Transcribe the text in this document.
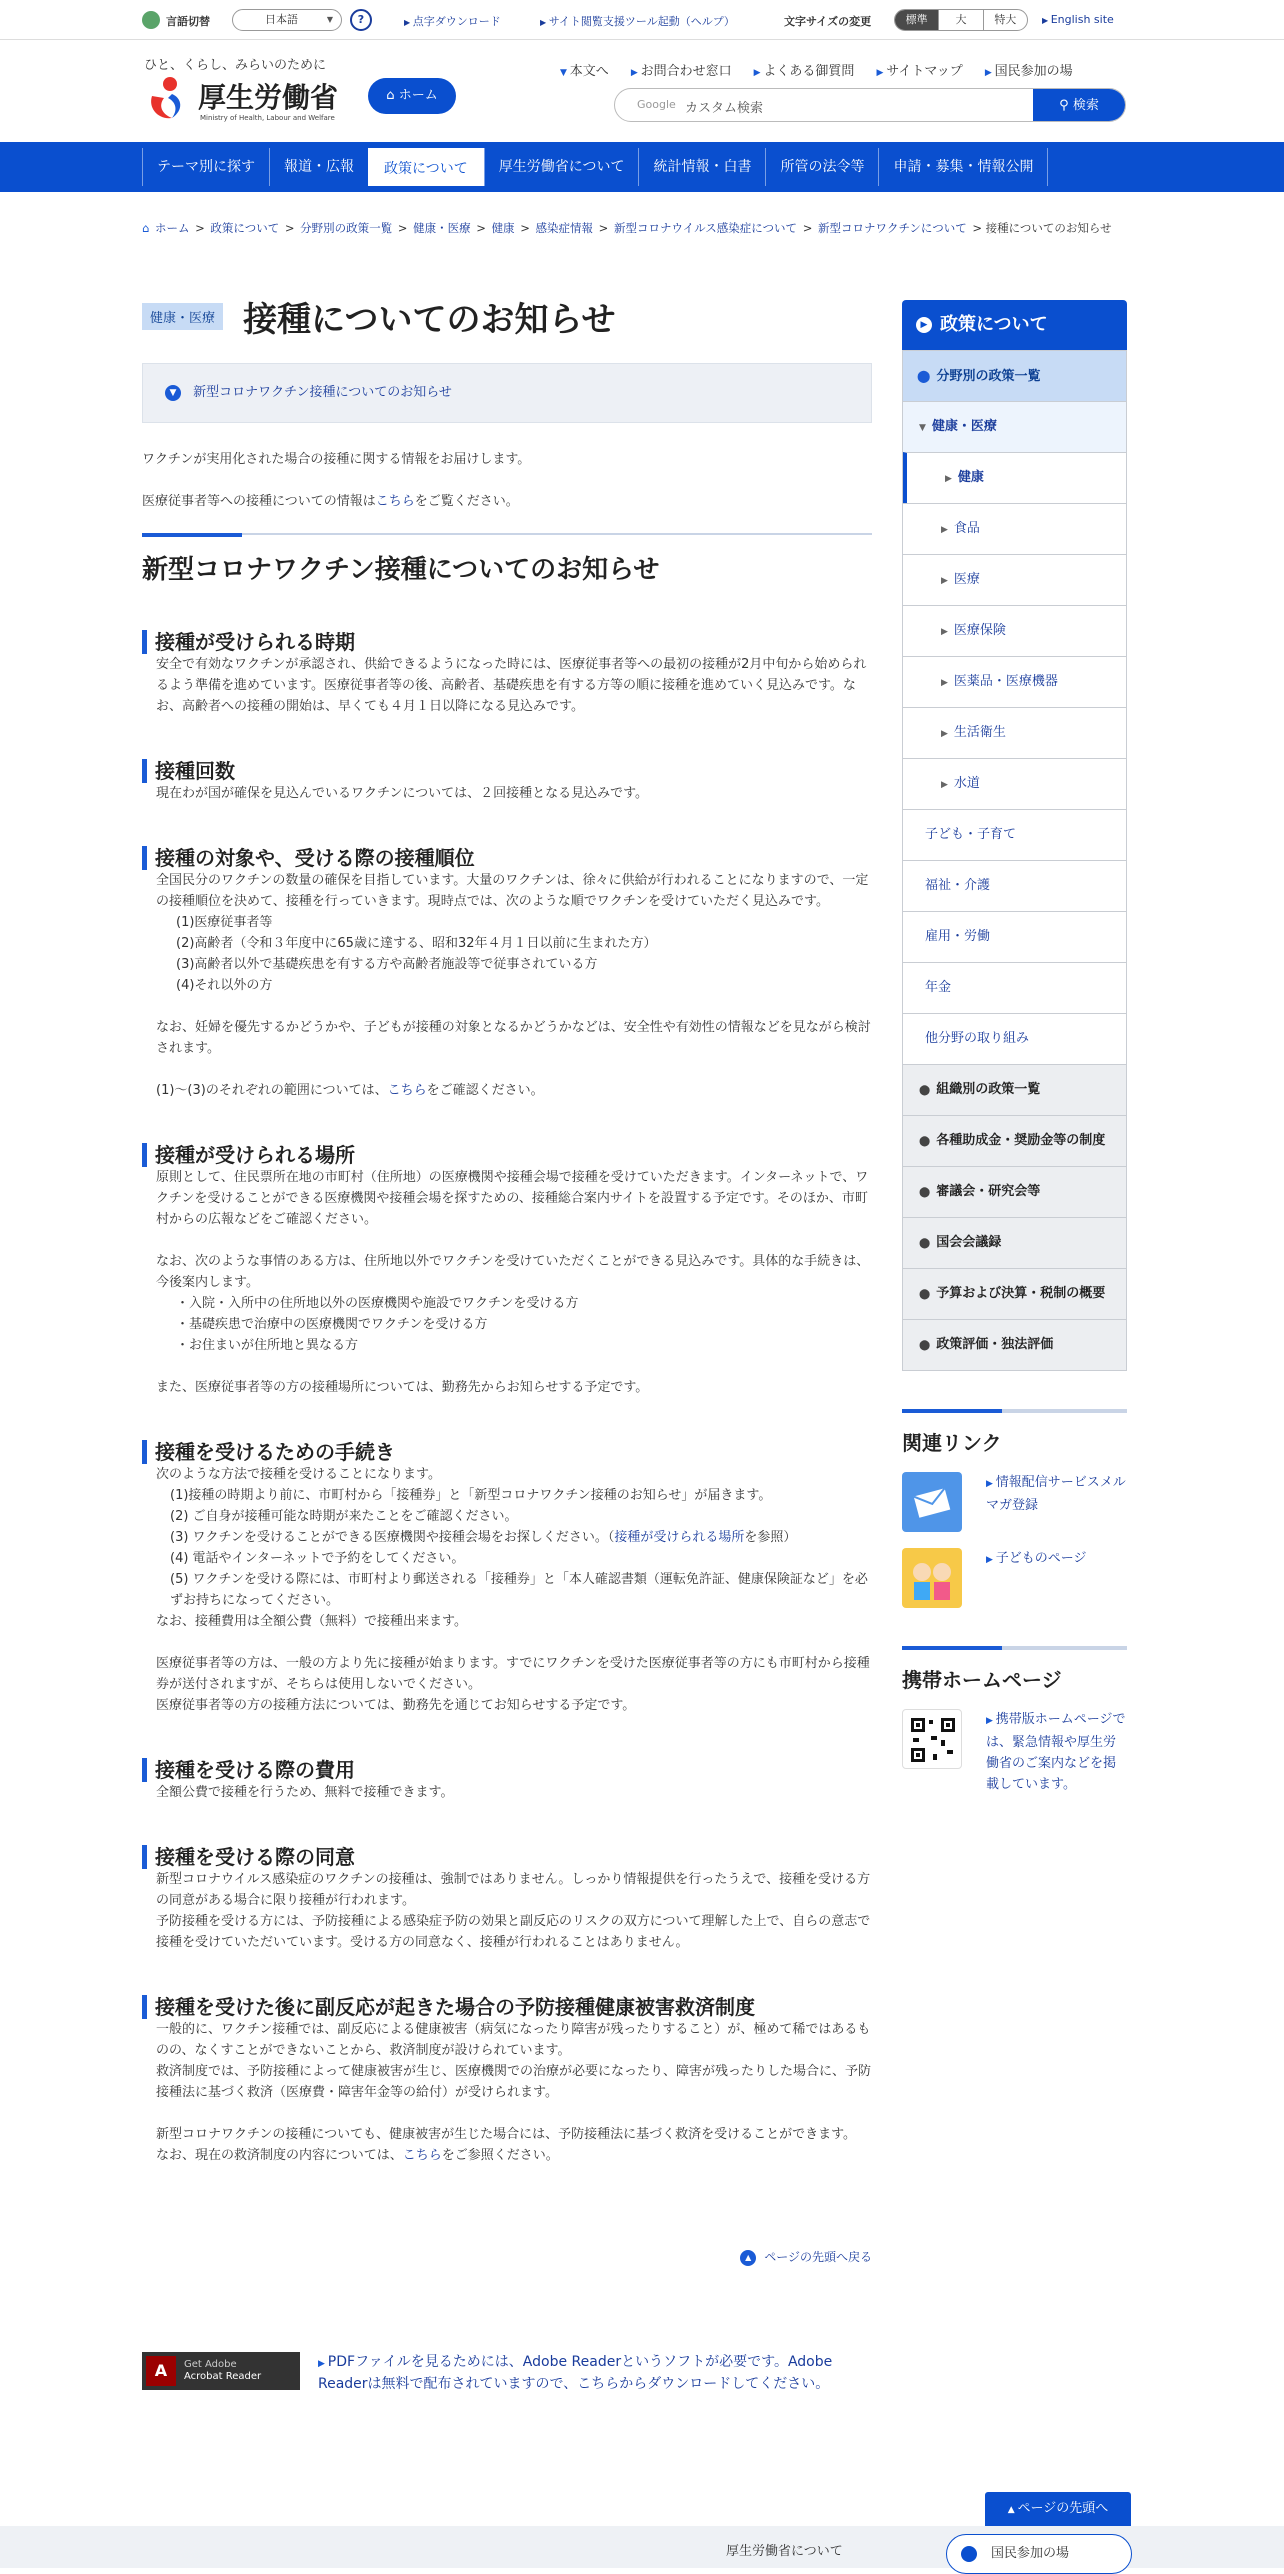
言語切替	日本語	▼	?	▶ 点字ダウンロード	▶ サイト閲覧支援ツール起動（ヘルプ）	文字サイズの変更	標準	大	特大	▶ English site
ひと、くらし、みらいのために
厚生労働省
Ministry of Health, Labour and Welfare
⌂ ホーム
▼ 本文へ ▶ お問合わせ窓口 ▶ よくある御質問 ▶ サイトマップ ▶ 国民参加の場
Google カスタム検索	⚲ 検索
テーマ別に探す	報道・広報	政策について	厚生労働省について	統計情報・白書	所管の法令等	申請・募集・情報公開
⌂ ホーム > 政策について > 分野別の政策一覧 > 健康・医療 > 健康 > 感染症情報 > 新型コロナウイルス感染症について > 新型コロナワクチンについて > 接種についてのお知らせ
健康・医療 接種についてのお知らせ
▼ 新型コロナワクチン接種についてのお知らせ

ワクチンが実用化された場合の接種に関する情報をお届けします。

医療従事者等への接種についての情報はこちらをご覧ください。

新型コロナワクチン接種についてのお知らせ
接種が受けられる時期
安全で有効なワクチンが承認され、供給できるようになった時には、医療従事者等への最初の接種が2月中旬から始められるよう準備を進めています。医療従事者等の後、高齢者、基礎疾患を有する方等の順に接種を進めていく見込みです。なお、高齢者への接種の開始は、早くても４月１日以降になる見込みです。
接種回数
現在わが国が確保を見込んでいるワクチンについては、２回接種となる見込みです。
接種の対象や、受ける際の接種順位
全国民分のワクチンの数量の確保を目指しています。大量のワクチンは、徐々に供給が行われることになりますので、一定の接種順位を決めて、接種を行っていきます。現時点では、次のような順でワクチンを受けていただく見込みです。
(1)医療従事者等
(2)高齢者（令和３年度中に65歳に達する、昭和32年４月１日以前に生まれた方）
(3)高齢者以外で基礎疾患を有する方や高齢者施設等で従事されている方
(4)それ以外の方
なお、妊婦を優先するかどうかや、子どもが接種の対象となるかどうかなどは、安全性や有効性の情報などを見ながら検討されます。
(1)～(3)のそれぞれの範囲については、こちらをご確認ください。
接種が受けられる場所
原則として、住民票所在地の市町村（住所地）の医療機関や接種会場で接種を受けていただきます。インターネットで、ワクチンを受けることができる医療機関や接種会場を探すための、接種総合案内サイトを設置する予定です。そのほか、市町村からの広報などをご確認ください。
なお、次のような事情のある方は、住所地以外でワクチンを受けていただくことができる見込みです。具体的な手続きは、今後案内します。
・入院・入所中の住所地以外の医療機関や施設でワクチンを受ける方
・基礎疾患で治療中の医療機関でワクチンを受ける方
・お住まいが住所地と異なる方
また、医療従事者等の方の接種場所については、勤務先からお知らせする予定です。
接種を受けるための手続き
次のような方法で接種を受けることになります。
(1)接種の時期より前に、市町村から「接種券」と「新型コロナワクチン接種のお知らせ」が届きます。
(2) ご自身が接種可能な時期が来たことをご確認ください。
(3) ワクチンを受けることができる医療機関や接種会場をお探しください。（接種が受けられる場所を参照）
(4) 電話やインターネットで予約をしてください。
(5) ワクチンを受ける際には、市町村より郵送される「接種券」と「本人確認書類（運転免許証、健康保険証など」を必ずお持ちになってください。
なお、接種費用は全額公費（無料）で接種出来ます。
医療従事者等の方は、一般の方より先に接種が始まります。すでにワクチンを受けた医療従事者等の方にも市町村から接種券が送付されますが、そちらは使用しないでください。
医療従事者等の方の接種方法については、勤務先を通じてお知らせする予定です。
接種を受ける際の費用
全額公費で接種を行うため、無料で接種できます。
接種を受ける際の同意
新型コロナウイルス感染症のワクチンの接種は、強制ではありません。しっかり情報提供を行ったうえで、接種を受ける方の同意がある場合に限り接種が行われます。
予防接種を受ける方には、予防接種による感染症予防の効果と副反応のリスクの双方について理解した上で、自らの意志で接種を受けていただいています。受ける方の同意なく、接種が行われることはありません。
接種を受けた後に副反応が起きた場合の予防接種健康被害救済制度
一般的に、ワクチン接種では、副反応による健康被害（病気になったり障害が残ったりすること）が、極めて稀ではあるものの、なくすことができないことから、救済制度が設けられています。
救済制度では、予防接種によって健康被害が生じ、医療機関での治療が必要になったり、障害が残ったりした場合に、予防接種法に基づく救済（医療費・障害年金等の給付）が受けられます。
新型コロナワクチンの接種についても、健康被害が生じた場合には、予防接種法に基づく救済を受けることができます。
なお、現在の救済制度の内容については、こちらをご参照ください。
▲ ページの先頭へ戻る
A	Get Adobe
Acrobat Reader
▶ PDFファイルを見るためには、Adobe Readerというソフトが必要です。Adobe Readerは無料で配布されていますので、こちらからダウンロードしてください。
▶ 政策について
⬤ 分野別の政策一覧
▼ 健康・医療
▶ 健康
▶ 食品
▶ 医療
▶ 医療保険
▶ 医薬品・医療機器
▶ 生活衛生
▶ 水道
子ども・子育て
福祉・介護
雇用・労働
年金
他分野の取り組み
⬤ 組織別の政策一覧
⬤ 各種助成金・奨励金等の制度
⬤ 審議会・研究会等
⬤ 国会会議録
⬤ 予算および決算・税制の概要
⬤ 政策評価・独法評価
関連リンク
▶ 情報配信サービスメルマガ登録
▶ 子どものページ
携帯ホームページ
▶ 携帯版ホームページでは、緊急情報や厚生労働省のご案内などを掲載しています。
▲ ページの先頭へ
厚生労働省について	国民参加の場
